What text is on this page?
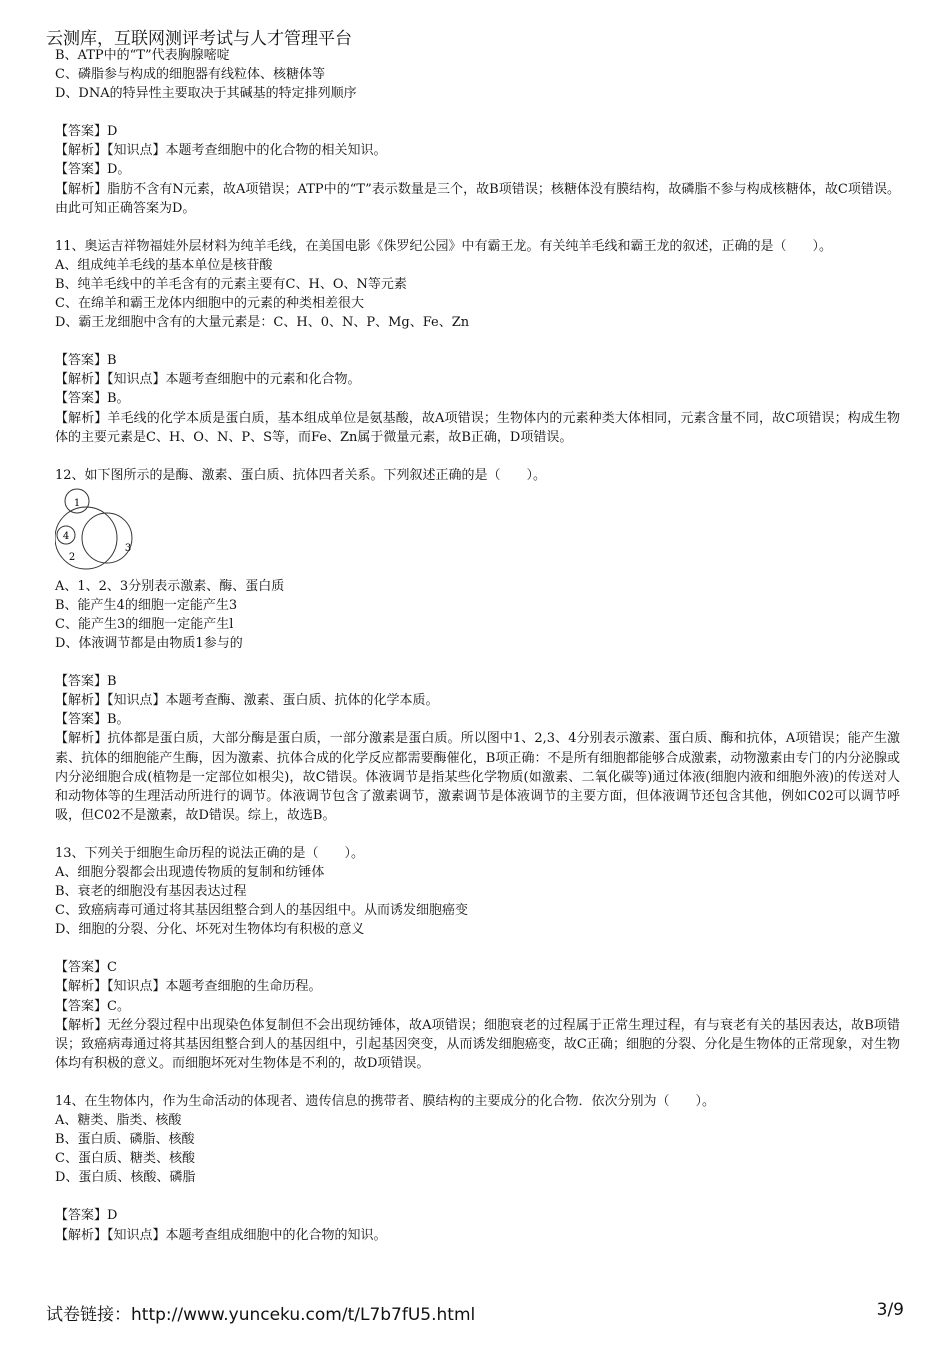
云测库，互联网测评考试与人才管理平台
B、ATP中的“T”代表胸腺嘧啶
C、磷脂参与构成的细胞器有线粒体、核糖体等
D、DNA的特异性主要取决于其碱基的特定排列顺序
【答案】D
【解析】【知识点】本题考查细胞中的化合物的相关知识。
【答案】D。
【解析】脂肪不含有N元素，故A项错误；ATP中的“T”表示数量是三个，故B项错误；核糖体没有膜结构，故磷脂不参与构成核糖体，故C项错误。由此可知正确答案为D。
11、奥运吉祥物福娃外层材料为纯羊毛线，在美国电影《侏罗纪公园》中有霸王龙。有关纯羊毛线和霸王龙的叙述，正确的是（　　）。
A、组成纯羊毛线的基本单位是核苷酸
B、纯羊毛线中的羊毛含有的元素主要有C、H、O、N等元素
C、在绵羊和霸王龙体内细胞中的元素的种类相差很大
D、霸王龙细胞中含有的大量元素是：C、H、0、N、P、Mg、Fe、Zn
【答案】B
【解析】【知识点】本题考查细胞中的元素和化合物。
【答案】B。
【解析】羊毛线的化学本质是蛋白质，基本组成单位是氨基酸，故A项错误；生物体内的元素种类大体相同，元素含量不同，故C项错误；构成生物体的主要元素是C、H、O、N、P、S等，而Fe、Zn属于微量元素，故B正确，D项错误。
12、如下图所示的是酶、激素、蛋白质、抗体四者关系。下列叙述正确的是（　　）。
1
4
2
3
A、1、2、3分别表示激素、酶、蛋白质
B、能产生4的细胞一定能产生3
C、能产生3的细胞一定能产生l
D、体液调节都是由物质1参与的
【答案】B
【解析】【知识点】本题考查酶、激素、蛋白质、抗体的化学本质。
【答案】B。
【解析】抗体都是蛋白质，大部分酶是蛋白质，一部分激素是蛋白质。所以图中1、2,3、4分别表示激素、蛋白质、酶和抗体，A项错误；能产生激素、抗体的细胞能产生酶，因为激素、抗体合成的化学反应都需要酶催化，B项正确：不是所有细胞都能够合成激素，动物激素由专门的内分泌腺或内分泌细胞合成(植物是一定部位如根尖)，故C错误。体液调节是指某些化学物质(如激素、二氧化碳等)通过体液(细胞内液和细胞外液)的传送对人和动物体等的生理活动所进行的调节。体液调节包含了激素调节，激素调节是体液调节的主要方面，但体液调节还包含其他，例如C02可以调节呼吸，但C02不是激素，故D错误。综上，故选B。
13、下列关于细胞生命历程的说法正确的是（　　）。
A、细胞分裂都会出现遗传物质的复制和纺锤体
B、衰老的细胞没有基因表达过程
C、致癌病毒可通过将其基因组整合到人的基因组中。从而诱发细胞癌变
D、细胞的分裂、分化、坏死对生物体均有积极的意义
【答案】C
【解析】【知识点】本题考查细胞的生命历程。
【答案】C。
【解析】无丝分裂过程中出现染色体复制但不会出现纺锤体，故A项错误；细胞衰老的过程属于正常生理过程，有与衰老有关的基因表达，故B项错误；致癌病毒通过将其基因组整合到人的基因组中，引起基因突变，从而诱发细胞癌变，故C正确；细胞的分裂、分化是生物体的正常现象，对生物体均有积极的意义。而细胞坏死对生物体是不利的，故D项错误。
14、在生物体内，作为生命活动的体现者、遗传信息的携带者、膜结构的主要成分的化合物．依次分别为（　　）。
A、糖类、脂类、核酸
B、蛋白质、磷脂、核酸
C、蛋白质、糖类、核酸
D、蛋白质、核酸、磷脂
【答案】D
【解析】【知识点】本题考查组成细胞中的化合物的知识。
试卷链接：http://www.yunceku.com/t/L7b7fU5.html	3/9
